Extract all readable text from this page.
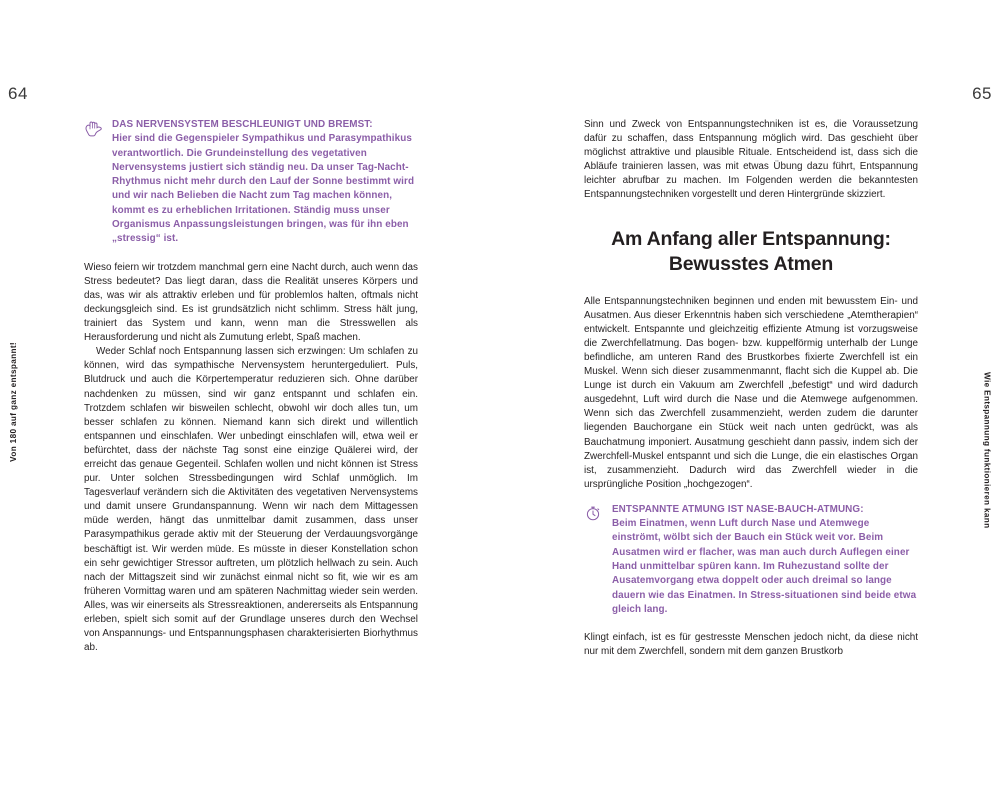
64
Von 180 auf ganz entspannt!
DAS NERVENSYSTEM BESCHLEUNIGT UND BREMST:
Hier sind die Gegenspieler Sympathikus und Parasympathikus verantwortlich. Die Grundeinstellung des vegetativen Nervensystems justiert sich ständig neu. Da unser Tag-Nacht-Rhythmus nicht mehr durch den Lauf der Sonne bestimmt wird und wir nach Belieben die Nacht zum Tag machen können, kommt es zu erheblichen Irritationen. Ständig muss unser Organismus Anpassungsleistungen bringen, was für ihn eben „stressig“ ist.

Wieso feiern wir trotzdem manchmal gern eine Nacht durch, auch wenn das Stress bedeutet? Das liegt daran, dass die Realität unseres Körpers und das, was wir als attraktiv erleben und für problemlos halten, oftmals nicht deckungsgleich sind. Es ist grundsätzlich nicht schlimm. Stress hält jung, trainiert das System und kann, wenn man die Stresswellen als Herausforderung und nicht als Zumutung erlebt, Spaß machen.

Weder Schlaf noch Entspannung lassen sich erzwingen: Um schlafen zu können, wird das sympathische Nervensystem heruntergeduliert. Puls, Blutdruck und auch die Körpertemperatur reduzieren sich. Ohne darüber nachdenken zu müssen, sind wir ganz entspannt und schlafen ein. Trotzdem schlafen wir bisweilen schlecht, obwohl wir doch alles tun, um besser schlafen zu können. Niemand kann sich direkt und willentlich entspannen und einschlafen. Wer unbedingt einschlafen will, etwa weil er befürchtet, dass der nächste Tag sonst eine einzige Quälerei wird, der erreicht das genaue Gegenteil. Schlafen wollen und nicht können ist Stress pur. Unter solchen Stressbedingungen wird Schlaf unmöglich. Im Tagesverlauf verändern sich die Aktivitäten des vegetativen Nervensystems und damit unsere Grundanspannung. Wenn wir nach dem Mittagessen müde werden, hängt das unmittelbar damit zusammen, dass unser Parasympathikus gerade aktiv mit der Steuerung der Verdauungsvorgänge beschäftigt ist. Wir werden müde. Es müsste in dieser Konstellation schon ein sehr gewichtiger Stressor auftreten, um plötzlich hellwach zu sein. Auch nach der Mittagszeit sind wir zunächst einmal nicht so fit, wie wir es am früheren Vormittag waren und am späteren Nachmittag wieder sein werden. Alles, was wir einerseits als Stressreaktionen, andererseits als Entspannung erleben, spielt sich somit auf der Grundlage unseres durch den Wechsel von Anspannungs- und Entspannungsphasen charakterisierten Biorhythmus ab.

65
Wie Entspannung funktionieren kann

Sinn und Zweck von Entspannungstechniken ist es, die Voraussetzung dafür zu schaffen, dass Entspannung möglich wird. Das geschieht über möglichst attraktive und plausible Rituale. Entscheidend ist, dass sich die Abläufe trainieren lassen, was mit etwas Übung dazu führt, Entspannung leichter abrufbar zu machen. Im Folgenden werden die bekanntesten Entspannungstechniken vorgestellt und deren Hintergründe skizziert.

Am Anfang aller Entspannung:
Bewusstes Atmen

Alle Entspannungstechniken beginnen und enden mit bewusstem Ein- und Ausatmen. Aus dieser Erkenntnis haben sich verschiedene „Atemtherapien“ entwickelt. Entspannte und gleichzeitig effiziente Atmung ist vorzugsweise die Zwerchfellatmung. Das bogen- bzw. kuppelförmig unterhalb der Lunge befindliche, am unteren Rand des Brustkorbes fixierte Zwerchfell ist ein Muskel. Wenn sich dieser zusammenmannt, flacht sich die Kuppel ab. Die Lunge ist durch ein Vakuum am Zwerchfell „befestigt“ und wird dadurch ausgedehnt, Luft wird durch die Nase und die Atemwege aufgenommen. Wenn sich das Zwerchfell zusammenzieht, werden zudem die darunter liegenden Bauchorgane ein Stück weit nach unten gedrückt, was als Bauchatmung imponiert. Ausatmung geschieht dann passiv, indem sich der Zwerchfell-Muskel entspannt und sich die Lunge, die ein elastisches Organ ist, zusammenzieht. Dadurch wird das Zwerchfell wieder in die ursprüngliche Position „hochgezogen“.

ENTSPANNTE ATMUNG IST NASE-BAUCH-ATMUNG:
Beim Einatmen, wenn Luft durch Nase und Atemwege einströmt, wölbt sich der Bauch ein Stück weit vor. Beim Ausatmen wird er flacher, was man auch durch Auflegen einer Hand unmittelbar spüren kann. Im Ruhezustand sollte der Ausatemvorgang etwa doppelt oder auch dreimal so lange dauern wie das Einatmen. In Stress-situationen sind beide etwa gleich lang.

Klingt einfach, ist es für gestresste Menschen jedoch nicht, da diese nicht nur mit dem Zwerchfell, sondern mit dem ganzen Brustkorb
